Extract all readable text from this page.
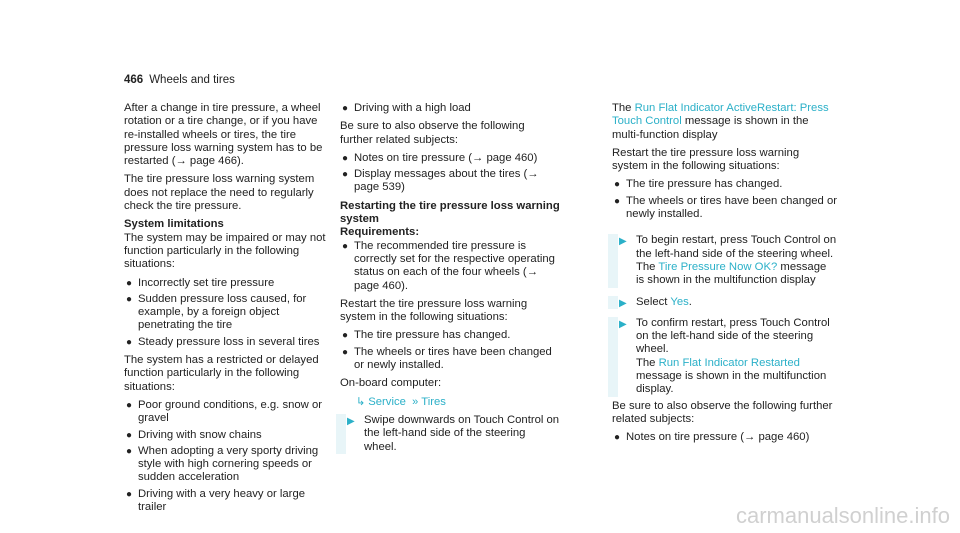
466 Wheels and tires

After a change in tire pressure, a wheel rotation or a tire change, or if you have re-installed wheels or tires, the tire pressure loss warning system has to be restarted (→ page 466).

The tire pressure loss warning system does not replace the need to regularly check the tire pressure.

System limitations

The system may be impaired or may not function particularly in the following situations:

● Incorrectly set tire pressure
● Sudden pressure loss caused, for example, by a foreign object penetrating the tire
● Steady pressure loss in several tires

The system has a restricted or delayed function particularly in the following situations:

● Poor ground conditions, e.g. snow or gravel
● Driving with snow chains
● When adopting a very sporty driving style with high cornering speeds or sudden acceleration
● Driving with a very heavy or large trailer
● Driving with a high load

Be sure to also observe the following further related subjects:

● Notes on tire pressure (→ page 460)
● Display messages about the tires (→ page 539)

Restarting the tire pressure loss warning system

Requirements:

● The recommended tire pressure is correctly set for the respective operating status on each of the four wheels (→ page 460).

Restart the tire pressure loss warning system in the following situations:

● The tire pressure has changed.
● The wheels or tires have been changed or newly installed.

On-board computer:

↳ Service  » Tires
▶ Swipe downwards on Touch Control on the left-hand side of the steering wheel.

The Run Flat Indicator ActiveRestart: Press Touch Control message is shown in the multi-function display

Restart the tire pressure loss warning system in the following situations:

● The tire pressure has changed.
● The wheels or tires have been changed or newly installed.
▶ To begin restart, press Touch Control on the left-hand side of the steering wheel.
The Tire Pressure Now OK? message is shown in the multifunction display
▶ Select Yes.
▶ To confirm restart, press Touch Control on the left-hand side of the steering wheel.
The Run Flat Indicator Restarted message is shown in the multifunction display.

Be sure to also observe the following further related subjects:

● Notes on tire pressure (→ page 460)
carmanualsonline.info
